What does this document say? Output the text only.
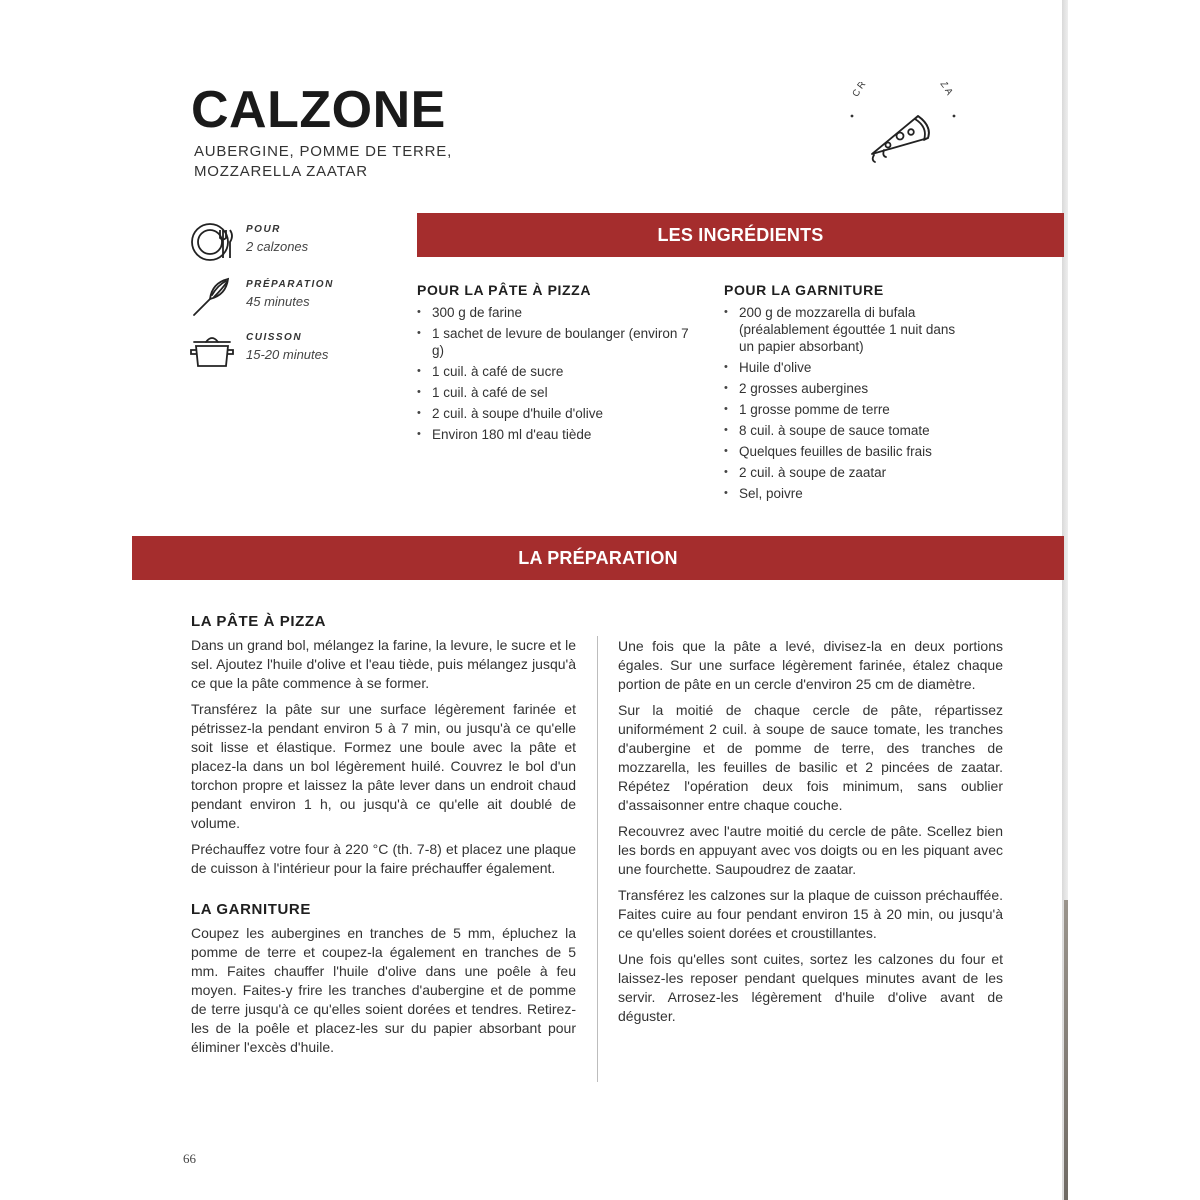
CALZONE
AUBERGINE, POMME DE TERRE, MOZZARELLA ZAATAR
CR ZA
POUR
2 calzones
PRÉPARATION
45 minutes
CUISSON
15-20 minutes
LES INGRÉDIENTS
POUR LA PÂTE À PIZZA
• 300 g de farine
• 1 sachet de levure de boulanger (environ 7 g)
• 1 cuil. à café de sucre
• 1 cuil. à café de sel
• 2 cuil. à soupe d'huile d'olive
• Environ 180 ml d'eau tiède
POUR LA GARNITURE
• 200 g de mozzarella di bufala (préalablement égouttée 1 nuit dans un papier absorbant)
• Huile d'olive
• 2 grosses aubergines
• 1 grosse pomme de terre
• 8 cuil. à soupe de sauce tomate
• Quelques feuilles de basilic frais
• 2 cuil. à soupe de zaatar
• Sel, poivre
LA PRÉPARATION
LA PÂTE À PIZZA

Dans un grand bol, mélangez la farine, la levure, le sucre et le sel. Ajoutez l'huile d'olive et l'eau tiède, puis mélangez jusqu'à ce que la pâte commence à se former.

Transférez la pâte sur une surface légèrement farinée et pétrissez-la pendant environ 5 à 7 min, ou jusqu'à ce qu'elle soit lisse et élastique. Formez une boule avec la pâte et placez-la dans un bol légèrement huilé. Couvrez le bol d'un torchon propre et laissez la pâte lever dans un endroit chaud pendant environ 1 h, ou jusqu'à ce qu'elle ait doublé de volume.

Préchauffez votre four à 220 °C (th. 7-8) et placez une plaque de cuisson à l'intérieur pour la faire préchauffer également.

LA GARNITURE

Coupez les aubergines en tranches de 5 mm, épluchez la pomme de terre et coupez-la également en tranches de 5 mm. Faites chauffer l'huile d'olive dans une poêle à feu moyen. Faites-y frire les tranches d'aubergine et de pomme de terre jusqu'à ce qu'elles soient dorées et tendres. Retirez-les de la poêle et placez-les sur du papier absorbant pour éliminer l'excès d'huile.

Une fois que la pâte a levé, divisez-la en deux portions égales. Sur une surface légèrement farinée, étalez chaque portion de pâte en un cercle d'environ 25 cm de diamètre.

Sur la moitié de chaque cercle de pâte, répartissez uniformément 2 cuil. à soupe de sauce tomate, les tranches d'aubergine et de pomme de terre, des tranches de mozzarella, les feuilles de basilic et 2 pincées de zaatar. Répétez l'opération deux fois minimum, sans oublier d'assaisonner entre chaque couche.

Recouvrez avec l'autre moitié du cercle de pâte. Scellez bien les bords en appuyant avec vos doigts ou en les piquant avec une fourchette. Saupoudrez de zaatar.

Transférez les calzones sur la plaque de cuisson préchauffée. Faites cuire au four pendant environ 15 à 20 min, ou jusqu'à ce qu'elles soient dorées et croustillantes.

Une fois qu'elles sont cuites, sortez les calzones du four et laissez-les reposer pendant quelques minutes avant de les servir. Arrosez-les légèrement d'huile d'olive avant de déguster.

66
